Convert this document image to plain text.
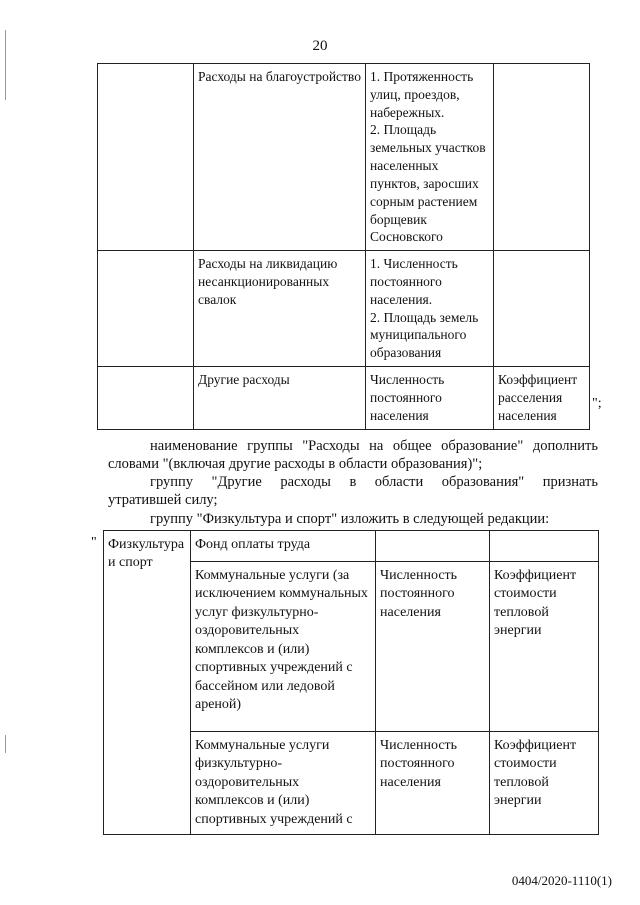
20
	Расходы на благоустройство	1. Протяженность улиц, проездов, набережных.
2. Площадь земельных участков населенных пунктов, заросших сорным растением борщевик Сосновского	
	Расходы на ликвидацию несанкционированных свалок	1. Численность постоянного населения.
2. Площадь земель муниципального образования	
	Другие расходы	Численность постоянного населения	Коэффициент расселения населения
";
наименование группы "Расходы на общее образование" дополнить словами "(включая другие расходы в области образования)";
группу "Другие расходы в области образования" признать
утратившей силу;
группу "Физкультура и спорт" изложить в следующей редакции:
" Физкультура и спорт	Фонд оплаты труда		
	Коммунальные услуги (за исключением коммунальных услуг физкультурно-оздоровительных комплексов и (или) спортивных учреждений с бассейном или ледовой ареной)	Численность постоянного населения	Коэффициент стоимости тепловой энергии
	Коммунальные услуги физкультурно-оздоровительных комплексов и (или) спортивных учреждений с	Численность постоянного населения	Коэффициент стоимости тепловой энергии
0404/2020-1110(1)
